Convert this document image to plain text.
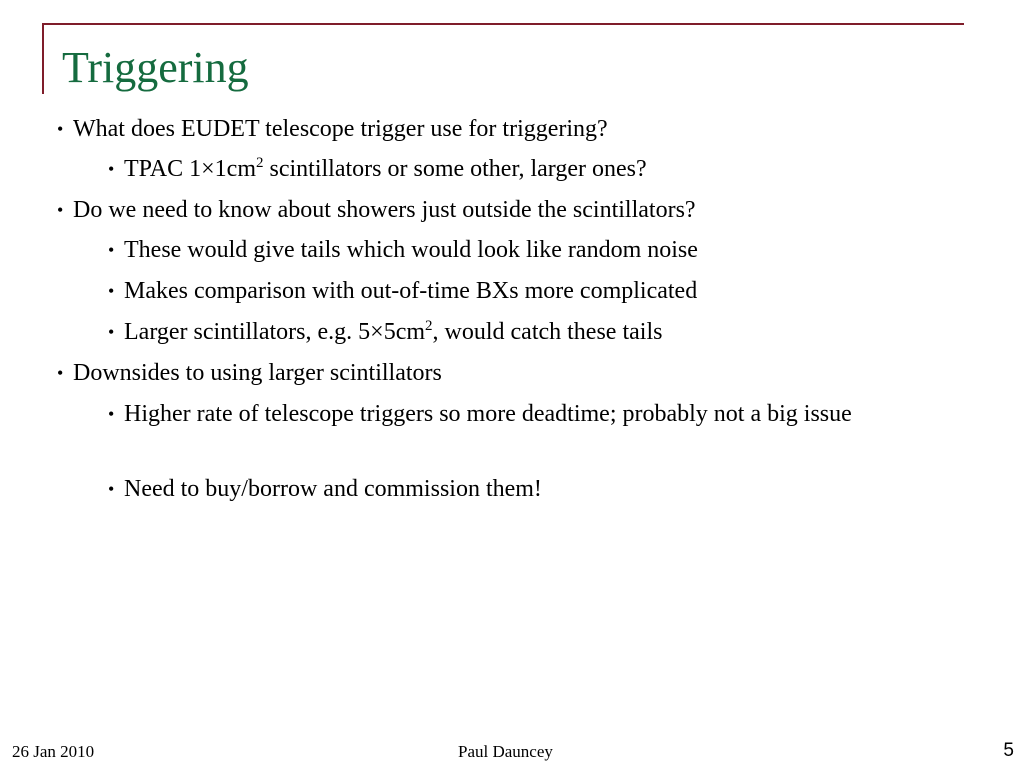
Triggering
• What does EUDET telescope trigger use for triggering?
• TPAC $1\times 1cm^2$ scintillators or some other, larger ones?
• Do we need to know about showers just outside the scintillators?
• These would give tails which would look like random noise
• Makes comparison with out-of-time BXs more complicated
• Larger scintillators, e.g. $5\times 5cm^2$, would catch these tails
• Downsides to using larger scintillators
• Higher rate of telescope triggers so more deadtime; probably not a big issue
• Need to buy/borrow and commission them!
26 Jan 2010	Paul Dauncey	5
